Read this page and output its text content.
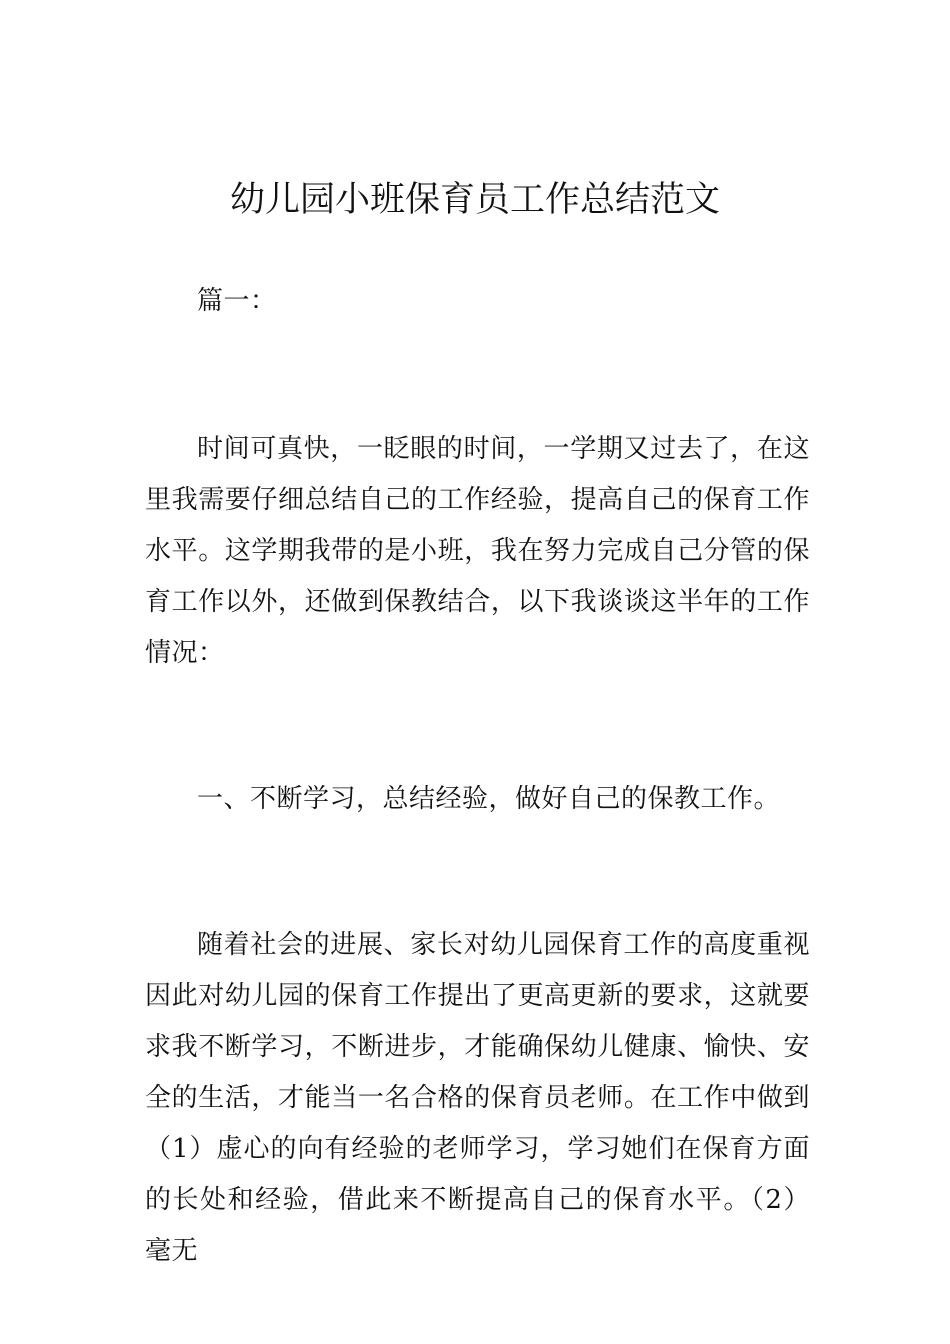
幼儿园小班保育员工作总结范文

篇一：

时间可真快，一眨眼的时间，一学期又过去了，在这里我需要仔细总结自己的工作经验，提高自己的保育工作水平。这学期我带的是小班，我在努力完成自己分管的保育工作以外，还做到保教结合，以下我谈谈这半年的工作情况：

一、不断学习，总结经验，做好自己的保教工作。

随着社会的进展、家长对幼儿园保育工作的高度重视因此对幼儿园的保育工作提出了更高更新的要求，这就要求我不断学习，不断进步，才能确保幼儿健康、愉快、安全的生活，才能当一名合格的保育员老师。在工作中做到（1）虚心的向有经验的老师学习，学习她们在保育方面的长处和经验，借此来不断提高自己的保育水平。（2）毫无
